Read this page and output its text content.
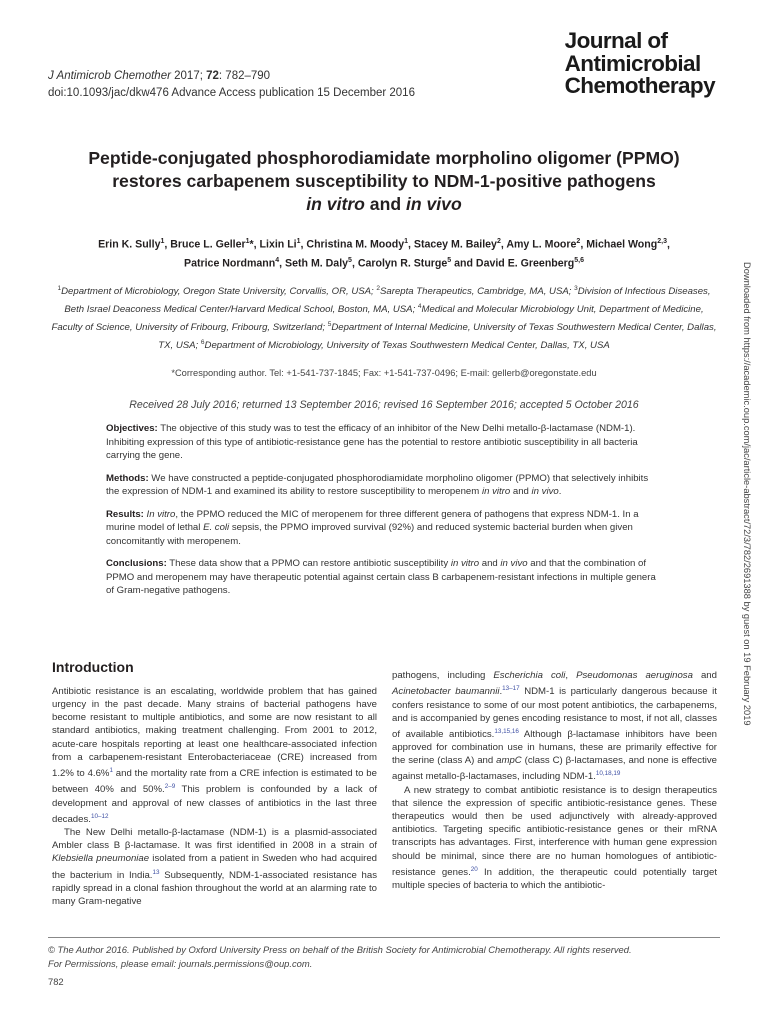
J Antimicrob Chemother 2017; 72: 782–790
doi:10.1093/jac/dkw476 Advance Access publication 15 December 2016
Journal of
Antimicrobial
Chemotherapy
Peptide-conjugated phosphorodiamidate morpholino oligomer (PPMO)
restores carbapenem susceptibility to NDM-1-positive pathogens
in vitro and in vivo
Erin K. Sully$^1$, Bruce L. Geller$^1$*, Lixin Li$^1$, Christina M. Moody$^1$, Stacey M. Bailey$^2$, Amy L. Moore$^2$, Michael Wong$^{2,3}$,
Patrice Nordmann$^4$, Seth M. Daly$^5$, Carolyn R. Sturge$^5$ and David E. Greenberg$^{5,6}$
$^1$Department of Microbiology, Oregon State University, Corvallis, OR, USA; $^2$Sarepta Therapeutics, Cambridge, MA, USA; $^3$Division of Infectious Diseases, Beth Israel Deaconess Medical Center/Harvard Medical School, Boston, MA, USA; $^4$Medical and Molecular Microbiology Unit, Department of Medicine, Faculty of Science, University of Fribourg, Fribourg, Switzerland; $^5$Department of Internal Medicine, University of Texas Southwestern Medical Center, Dallas, TX, USA; $^6$Department of Microbiology, University of Texas Southwestern Medical Center, Dallas, TX, USA
*Corresponding author. Tel: +1-541-737-1845; Fax: +1-541-737-0496; E-mail: gellerb@oregonstate.edu
Received 28 July 2016; returned 13 September 2016; revised 16 September 2016; accepted 5 October 2016

Objectives: The objective of this study was to test the efficacy of an inhibitor of the New Delhi metallo-β-lactamase (NDM-1). Inhibiting expression of this type of antibiotic-resistance gene has the potential to restore antibiotic susceptibility in all bacteria carrying the gene.

Methods: We have constructed a peptide-conjugated phosphorodiamidate morpholino oligomer (PPMO) that selectively inhibits the expression of NDM-1 and examined its ability to restore susceptibility to meropenem in vitro and in vivo.

Results: In vitro, the PPMO reduced the MIC of meropenem for three different genera of pathogens that express NDM-1. In a murine model of lethal E. coli sepsis, the PPMO improved survival (92%) and reduced systemic bacterial burden when given concomitantly with meropenem.

Conclusions: These data show that a PPMO can restore antibiotic susceptibility in vitro and in vivo and that the combination of PPMO and meropenem may have therapeutic potential against certain class B carbapenem-resistant infections in multiple genera of Gram-negative pathogens.

Introduction

Antibiotic resistance is an escalating, worldwide problem that has gained urgency in the past decade. Many strains of bacterial pathogens have become resistant to multiple antibiotics, and some are now resistant to all standard antibiotics, making treatment challenging. From 2001 to 2012, acute-care hospitals reporting at least one healthcare-associated infection from a carbapenem-resistant Enterobacteriaceae (CRE) increased from 1.2% to 4.6%$^1$ and the mortality rate from a CRE infection is estimated to be between 40% and 50%.$^{2-9}$ This problem is confounded by a lack of development and approval of new classes of antibiotics in the last three decades.$^{10-12}$

The New Delhi metallo-β-lactamase (NDM-1) is a plasmid-associated Ambler class B β-lactamase. It was first identified in 2008 in a strain of Klebsiella pneumoniae isolated from a patient in Sweden who had acquired the bacterium in India.$^{13}$ Subsequently, NDM-1-associated resistance has rapidly spread in a clonal fashion throughout the world at an alarming rate to many Gram-negative

pathogens, including Escherichia coli, Pseudomonas aeruginosa and Acinetobacter baumannii.$^{13-17}$ NDM-1 is particularly dangerous because it confers resistance to some of our most potent antibiotics, the carbapenems, and is accompanied by genes encoding resistance to most, if not all, classes of available antibiotics.$^{13,15,16}$ Although β-lactamase inhibitors have been approved for combination use in humans, these are primarily effective for the serine (class A) and ampC (class C) β-lactamases, and none is effective against metallo-β-lactamases, including NDM-1.$^{10,18,19}$

A new strategy to combat antibiotic resistance is to design therapeutics that silence the expression of specific antibiotic-resistance genes. These therapeutics would then be used adjunctively with already-approved antibiotics. Targeting specific antibiotic-resistance genes or their mRNA transcripts has advantages. First, interference with human gene expression should be minimal, since there are no human homologues of antibiotic-resistance genes.$^{20}$ In addition, the therapeutic could potentially target multiple species of bacteria to which the antibiotic-

© The Author 2016. Published by Oxford University Press on behalf of the British Society for Antimicrobial Chemotherapy. All rights reserved.
For Permissions, please email: journals.permissions@oup.com.
782
Downloaded from https://academic.oup.com/jac/article-abstract/72/3/782/2691388 by guest on 19 February 2019
